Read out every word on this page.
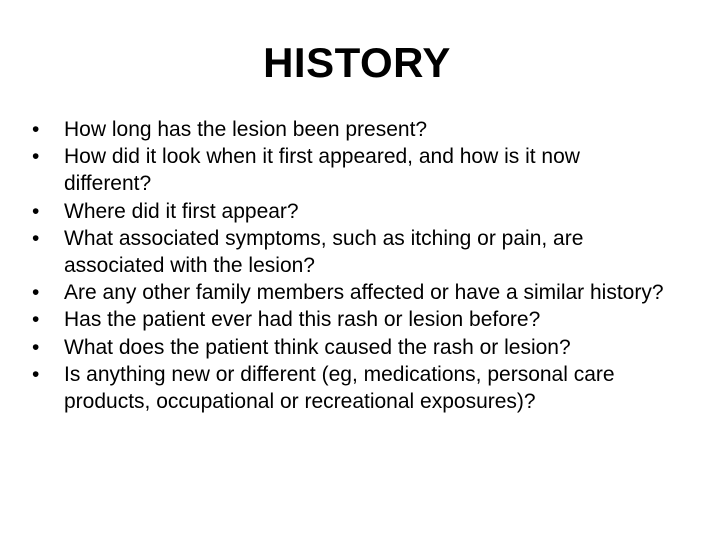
HISTORY
•	How long has the lesion been present?
•	How did it look when it first appeared, and how is it now different?
•	Where did it first appear?
•	What associated symptoms, such as itching or pain, are associated with the lesion?
•	Are any other family members affected or have a similar history?
•	Has the patient ever had this rash or lesion before?
•	What does the patient think caused the rash or lesion?
•	Is anything new or different (eg, medications, personal care products, occupational or recreational exposures)?
